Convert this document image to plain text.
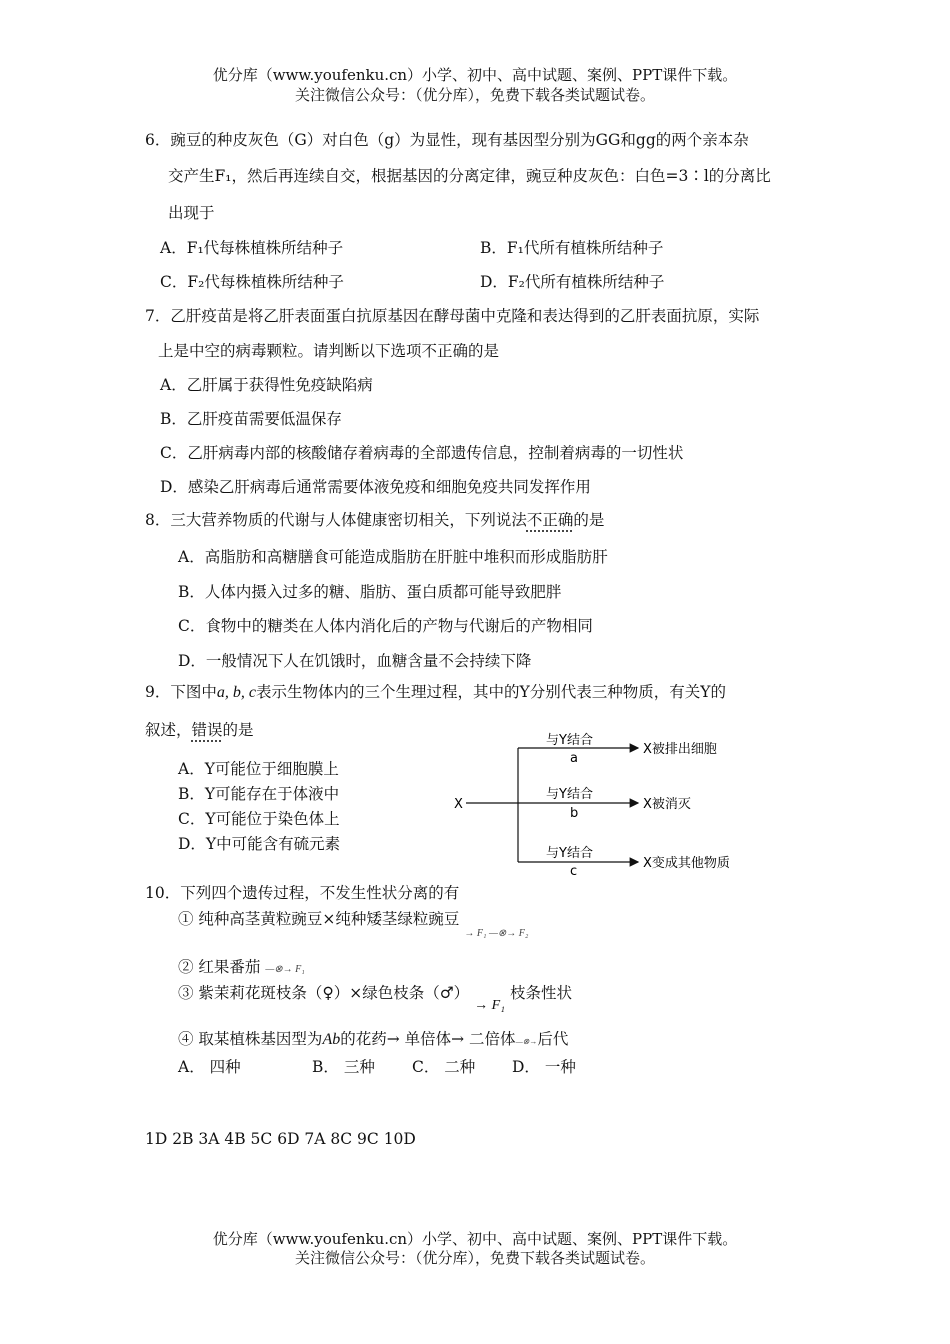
优分库（www.youfenku.cn）小学、初中、高中试题、案例、PPT课件下载。
关注微信公众号：（优分库），免费下载各类试题试卷。
6．豌豆的种皮灰色（G）对白色（g）为显性，现有基因型分别为GG和gg的两个亲本杂
交产生F₁，然后再连续自交，根据基因的分离定律，豌豆种皮灰色：白色=3∶l的分离比
出现于
A．F₁代每株植株所结种子	B．F₁代所有植株所结种子
C．F₂代每株植株所结种子	D．F₂代所有植株所结种子
7．乙肝疫苗是将乙肝表面蛋白抗原基因在酵母菌中克隆和表达得到的乙肝表面抗原，实际
上是中空的病毒颗粒。请判断以下选项不正确的是
A．乙肝属于获得性免疫缺陷病
B．乙肝疫苗需要低温保存
C．乙肝病毒内部的核酸储存着病毒的全部遗传信息，控制着病毒的一切性状
D．感染乙肝病毒后通常需要体液免疫和细胞免疫共同发挥作用
8．三大营养物质的代谢与人体健康密切相关，下列说法不正确的是
A．高脂肪和高糖膳食可能造成脂肪在肝脏中堆积而形成脂肪肝
B．人体内摄入过多的糖、脂肪、蛋白质都可能导致肥胖
C．食物中的糖类在人体内消化后的产物与代谢后的产物相同
D．一般情况下人在饥饿时，血糖含量不会持续下降
9．下图中a, b, c表示生物体内的三个生理过程，其中的Y分别代表三种物质，有关Y的
叙述，错误的是
A．Y可能位于细胞膜上
B．Y可能存在于体液中
C．Y可能位于染色体上
D．Y中可能含有硫元素
X
与Y结合
a
与Y结合
b
与Y结合
c
X被排出细胞
X被消灭
X变成其他物质
10．下列四个遗传过程，不发生性状分离的有
① 纯种高茎黄粒豌豆×纯种矮茎绿粒豌豆 $_{\to F_1 —\otimes\to F_2}$
② 红果番茄 —⊗→ F₁
③ 紫茉莉花斑枝条（♀）×绿色枝条（♂） → F₁ 枝条性状
④ 取某植株基因型为Ab的花药→ 单倍体→ 二倍体—⊗→后代
A． 四种	B． 三种 C． 二种 D． 一种
1D 2B 3A 4B 5C 6D 7A 8C 9C 10D
优分库（www.youfenku.cn）小学、初中、高中试题、案例、PPT课件下载。
关注微信公众号：（优分库），免费下载各类试题试卷。
